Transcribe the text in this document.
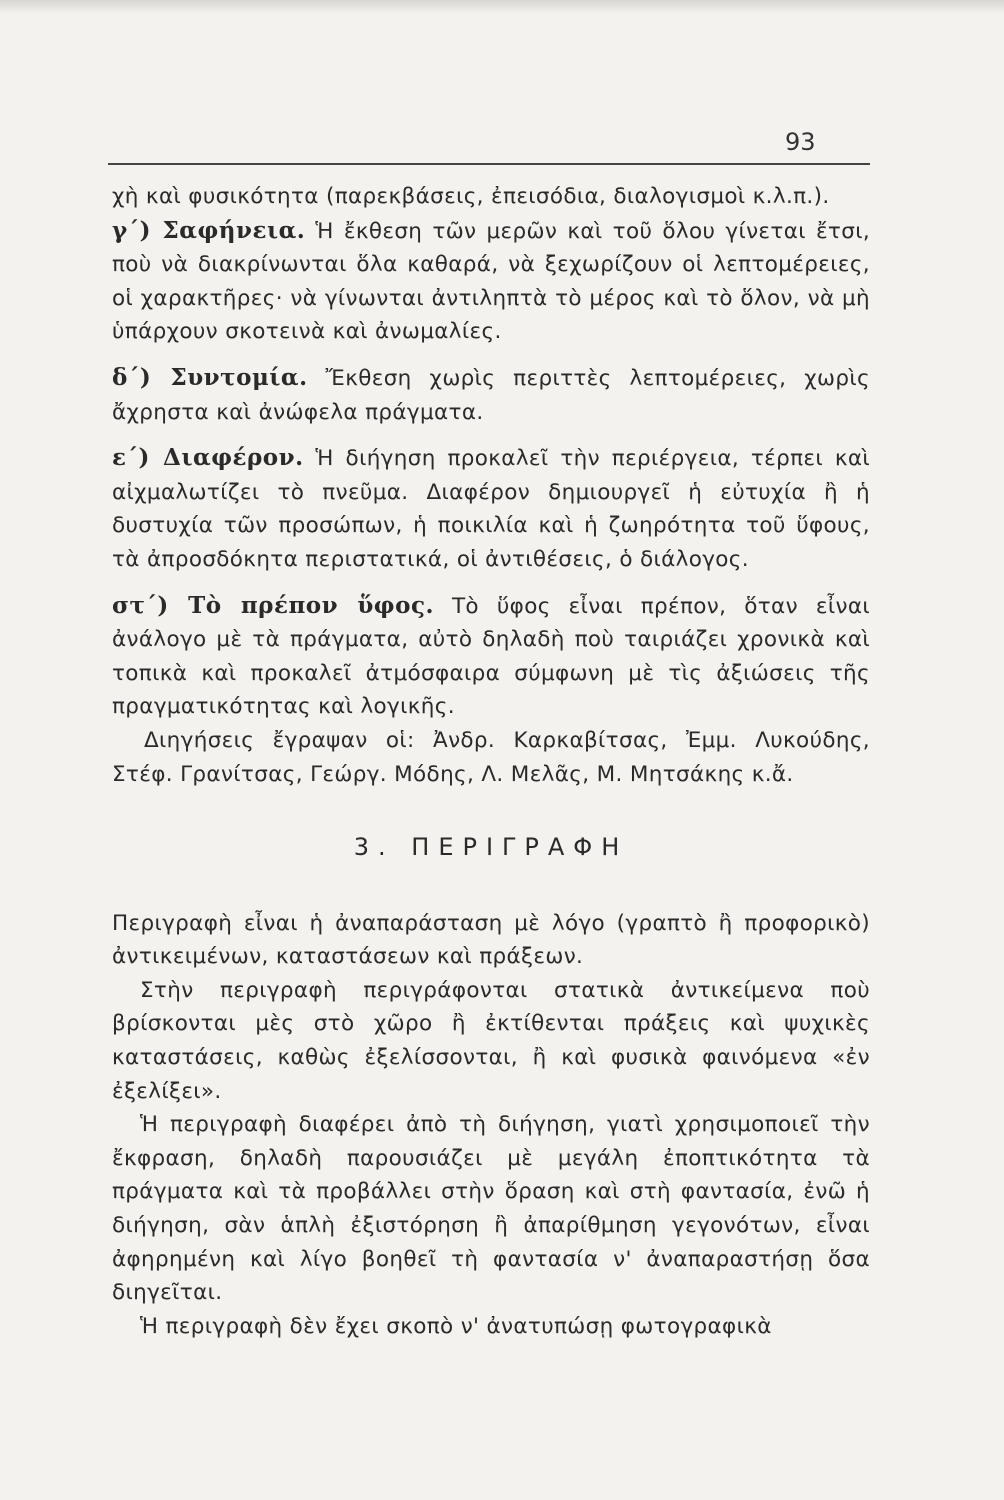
93

χὴ καὶ φυσικότητα (παρεκβάσεις, ἐπεισόδια, διαλογισμοὶ κ.λ.π.).

γ΄) Σαφήνεια. Ἡ ἔκθεση τῶν μερῶν καὶ τοῦ ὅλου γίνεται ἔτσι, ποὺ νὰ διακρίνωνται ὅλα καθαρά, νὰ ξεχωρίζουν οἱ λεπτομέρειες, οἱ χαρακτῆρες· νὰ γίνωνται ἀντιληπτὰ τὸ μέρος καὶ τὸ ὅλον, νὰ μὴ ὑπάρχουν σκοτεινὰ καὶ ἀνωμαλίες.

δ΄) Συντομία. Ἔκθεση χωρὶς περιττὲς λεπτομέρειες, χωρὶς ἄχρηστα καὶ ἀνώφελα πράγματα.

ε΄) Διαφέρον. Ἡ διήγηση προκαλεῖ τὴν περιέργεια, τέρπει καὶ αἰχμαλωτίζει τὸ πνεῦμα. Διαφέρον δημιουργεῖ ἡ εὐτυχία ἢ ἡ δυστυχία τῶν προσώπων, ἡ ποικιλία καὶ ἡ ζωηρότητα τοῦ ὕφους, τὰ ἀπροσδόκητα περιστατικά, οἱ ἀντιθέσεις, ὁ διάλογος.

στ΄) Τὸ πρέπον ὕφος. Τὸ ὕφος εἶναι πρέπον, ὅταν εἶναι ἀνάλογο μὲ τὰ πράγματα, αὐτὸ δηλαδὴ ποὺ ταιριάζει χρονικὰ καὶ τοπικὰ καὶ προκαλεῖ ἀτμόσφαιρα σύμφωνη μὲ τὶς ἀξιώσεις τῆς πραγματικότητας καὶ λογικῆς.

Διηγήσεις ἔγραψαν οἱ: Ἀνδρ. Καρκαβίτσας, Ἐμμ. Λυκούδης, Στέφ. Γρανίτσας, Γεώργ. Μόδης, Λ. Μελᾶς, Μ. Μητσάκης κ.ἄ.

3. ΠΕΡΙΓΡΑΦΗ

Περιγραφὴ εἶναι ἡ ἀναπαράσταση μὲ λόγο (γραπτὸ ἢ προφορικὸ) ἀντικειμένων, καταστάσεων καὶ πράξεων.

Στὴν περιγραφὴ περιγράφονται στατικὰ ἀντικείμενα ποὺ βρίσκονται μὲς στὸ χῶρο ἢ ἐκτίθενται πράξεις καὶ ψυχικὲς καταστάσεις, καθὼς ἐξελίσσονται, ἢ καὶ φυσικὰ φαινόμενα «ἐν ἐξελίξει».

Ἡ περιγραφὴ διαφέρει ἀπὸ τὴ διήγηση, γιατὶ χρησιμοποιεῖ τὴν ἔκφραση, δηλαδὴ παρουσιάζει μὲ μεγάλη ἐποπτικότητα τὰ πράγματα καὶ τὰ προβάλλει στὴν ὅραση καὶ στὴ φαντασία, ἐνῶ ἡ διήγηση, σὰν ἁπλὴ ἐξιστόρηση ἢ ἀπαρίθμηση γεγονότων, εἶναι ἀφηρημένη καὶ λίγο βοηθεῖ τὴ φαντασία ν' ἀναπαραστήσῃ ὅσα διηγεῖται.

Ἡ περιγραφὴ δὲν ἔχει σκοπὸ ν' ἀνατυπώσῃ φωτογραφικὰ
